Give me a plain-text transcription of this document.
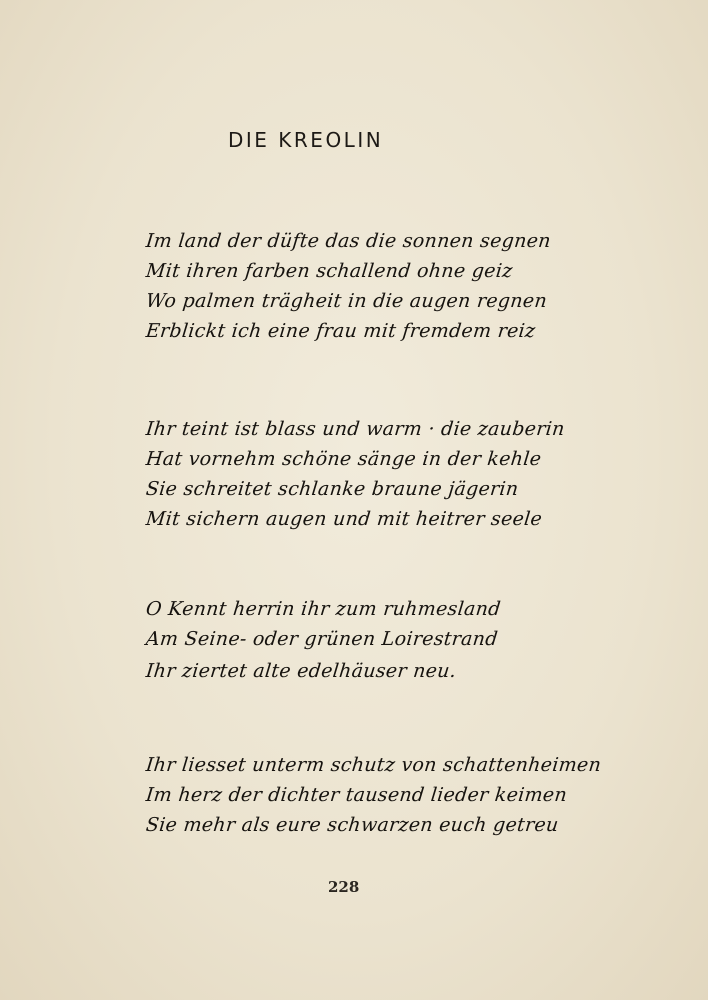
DIE KREOLIN
Im land der düfte das die sonnen segnen
Mit ihren farben schallend ohne geiz
Wo palmen trägheit in die augen regnen
Erblickt ich eine frau mit fremdem reiz
Ihr teint ist blass und warm · die zauberin
Hat vornehm schöne sänge in der kehle
Sie schreitet schlanke braune jägerin
Mit sichern augen und mit heitrer seele
O Kennt herrin ihr zum ruhmesland
Am Seine- oder grünen Loirestrand
Ihr ziertet alte edelhäuser neu.
Ihr liesset unterm schutz von schattenheimen
Im herz der dichter tausend lieder keimen
Sie mehr als eure schwarzen euch getreu
228
